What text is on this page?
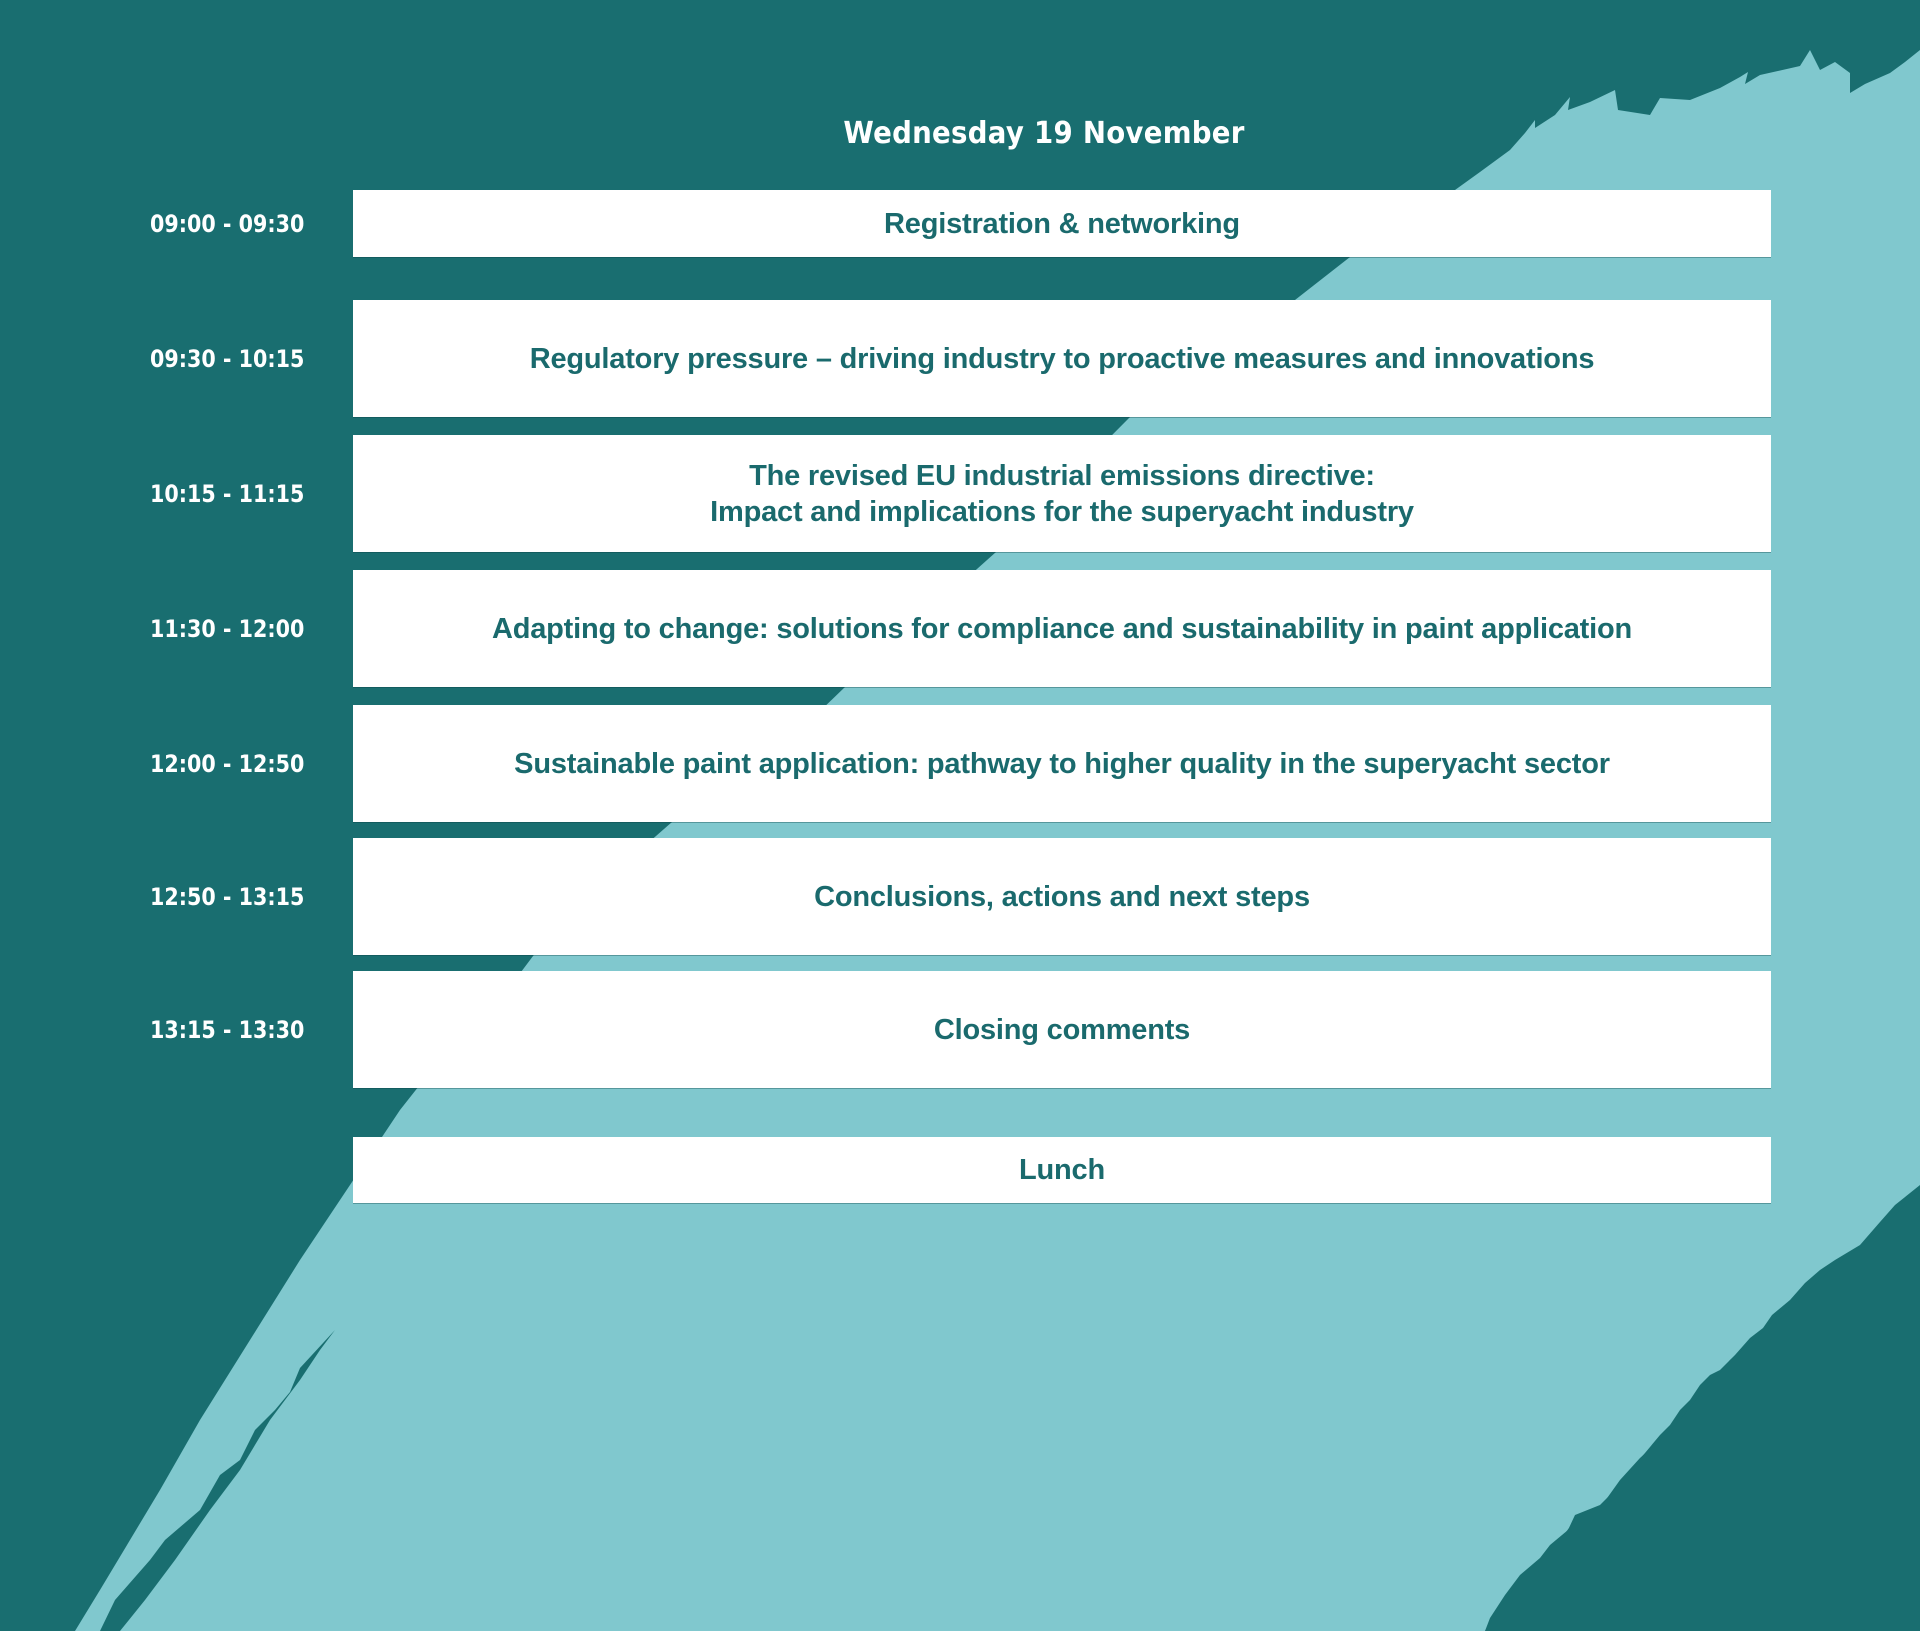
Wednesday 19 November
09:00 - 09:30	Registration & networking
09:30 - 10:15	Regulatory pressure – driving industry to proactive measures and innovations
10:15 - 11:15
The revised EU industrial emissions directive:
Impact and implications for the superyacht industry
11:30 - 12:00	Adapting to change: solutions for compliance and sustainability in paint application
12:00 - 12:50	Sustainable paint application: pathway to higher quality in the superyacht sector
12:50 - 13:15	Conclusions, actions and next steps
13:15 - 13:30	Closing comments
Lunch
